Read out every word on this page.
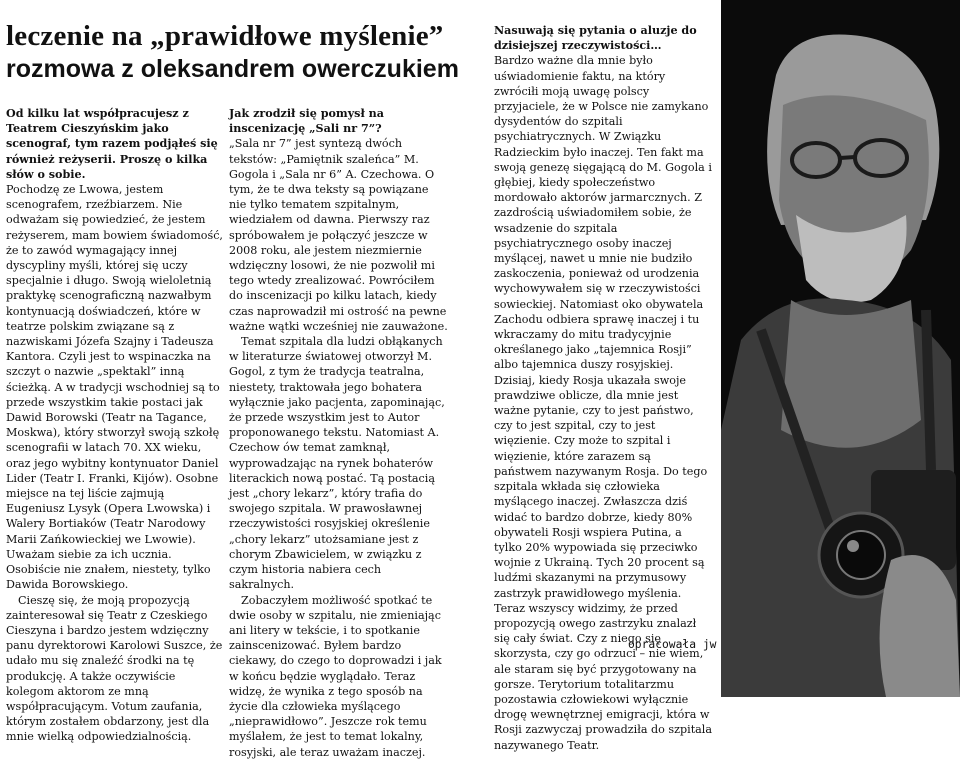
leczenie na „prawidłowe myślenie”
rozmowa z oleksandrem owerczukiem

Od kilku lat współpracujesz z Teatrem Cieszyńskim jako scenograf, tym razem podjąłeś się również reżyserii. Proszę o kilka słów o sobie.

Pochodzę ze Lwowa, jestem scenografem, rzeźbiarzem. Nie odważam się powiedzieć, że jestem reżyserem, mam bowiem świadomość, że to zawód wymagający innej dyscypliny myśli, której się uczy specjalnie i długo. Swoją wieloletnią praktykę scenograficzną nazwałbym kontynuacją doświadczeń, które w teatrze polskim związane są z nazwiskami Józefa Szajny i Tadeusza Kantora. Czyli jest to wspinaczka na szczyt o nazwie „spektakl” inną ścieżką. A w tradycji wschodniej są to przede wszystkim takie postaci jak Dawid Borowski (Teatr na Tagance, Moskwa), który stworzył swoją szkołę scenografii w latach 70. XX wieku, oraz jego wybitny kontynuator Daniel Lider (Teatr I. Franki, Kijów). Osobne miejsce na tej liście zajmują Eugeniusz Lysyk (Opera Lwowska) i Walery Bortiaków (Teatr Narodowy Marii Zańkowieckiej we Lwowie). Uważam siebie za ich ucznia. Osobiście nie znałem, niestety, tylko Dawida Borowskiego.

Cieszę się, że moją propozycją zainteresował się Teatr z Czeskiego Cieszyna i bardzo jestem wdzięczny panu dyrektorowi Karolowi Suszce, że udało mu się znaleźć środki na tę produkcję. A także oczywiście kolegom aktorom ze mną współpracującym. Votum zaufania, którym zostałem obdarzony, jest dla mnie wielką odpowiedzialnością.

Jak zrodził się pomysł na inscenizację „Sali nr 7”?

„Sala nr 7” jest syntezą dwóch tekstów: „Pamiętnik szaleńca” M. Gogola i „Sala nr 6” A. Czechowa. O tym, że te dwa teksty są powiązane nie tylko tematem szpitalnym, wiedziałem od dawna. Pierwszy raz spróbowałem je połączyć jeszcze w 2008 roku, ale jestem niezmiernie wdzięczny losowi, że nie pozwolił mi tego wtedy zrealizować. Powróciłem do inscenizacji po kilku latach, kiedy czas naprowadził mi ostrość na pewne ważne wątki wcześniej nie zauważone.

Temat szpitala dla ludzi obłąkanych w literaturze światowej otworzył M. Gogol, z tym że tradycja teatralna, niestety, traktowała jego bohatera wyłącznie jako pacjenta, zapominając, że przede wszystkim jest to Autor proponowanego tekstu. Natomiast A. Czechow ów temat zamknął, wyprowadzając na rynek bohaterów literackich nową postać. Tą postacią jest „chory lekarz”, który trafia do swojego szpitala. W prawosławnej rzeczywistości rosyjskiej określenie „chory lekarz” utożsamiane jest z chorym Zbawicielem, w związku z czym historia nabiera cech sakralnych.

Zobaczyłem możliwość spotkać te dwie osoby w szpitalu, nie zmieniając ani litery w tekście, i to spotkanie zainscenizować. Byłem bardzo ciekawy, do czego to doprowadzi i jak w końcu będzie wyglądało. Teraz widzę, że wynika z tego sposób na życie dla człowieka myślącego „nieprawidłowo”. Jeszcze rok temu myślałem, że jest to temat lokalny, rosyjski, ale teraz uważam inaczej.

Nasuwają się pytania o aluzje do dzisiejszej rzeczywistości…

Bardzo ważne dla mnie było uświadomienie faktu, na który zwróciłi moją uwagę polscy przyjaciele, że w Polsce nie zamykano dysydentów do szpitali psychiatrycznych. W Związku Radzieckim było inaczej. Ten fakt ma swoją genezę sięgającą do M. Gogola i głębiej, kiedy społeczeństwo mordowało aktorów jarmarcznych. Z zazdrością uświadomiłem sobie, że wsadzenie do szpitala psychiatrycznego osoby inaczej myślącej, nawet u mnie nie budziło zaskoczenia, ponieważ od urodzenia wychowywałem się w rzeczywistości sowieckiej. Natomiast oko obywatela Zachodu odbiera sprawę inaczej i tu wkraczamy do mitu tradycyjnie określanego jako „tajemnica Rosji” albo tajemnica duszy rosyjskiej. Dzisiaj, kiedy Rosja ukazała swoje prawdziwe oblicze, dla mnie jest ważne pytanie, czy to jest państwo, czy to jest szpital, czy to jest więzienie. Czy może to szpital i więzienie, które zarazem są państwem nazywanym Rosja. Do tego szpitala wkłada się człowieka myślącego inaczej. Zwłaszcza dziś widać to bardzo dobrze, kiedy 80% obywateli Rosji wspiera Putina, a tylko 20% wypowiada się przeciwko wojnie z Ukrainą. Tych 20 procent są ludźmi skazanymi na przymusowy zastrzyk prawidłowego myślenia. Teraz wszyscy widzimy, że przed propozycją owego zastrzyku znalazł się cały świat. Czy z niego się skorzysta, czy go odrzuci – nie wiem, ale staram się być przygotowany na gorsze. Terytorium totalitarzmu pozostawia człowiekowi wyłącznie drogę wewnętrznej emigracji, która w Rosji zazwyczaj prowadziła do szpitala nazywanego Teatr.

opracowała jw
